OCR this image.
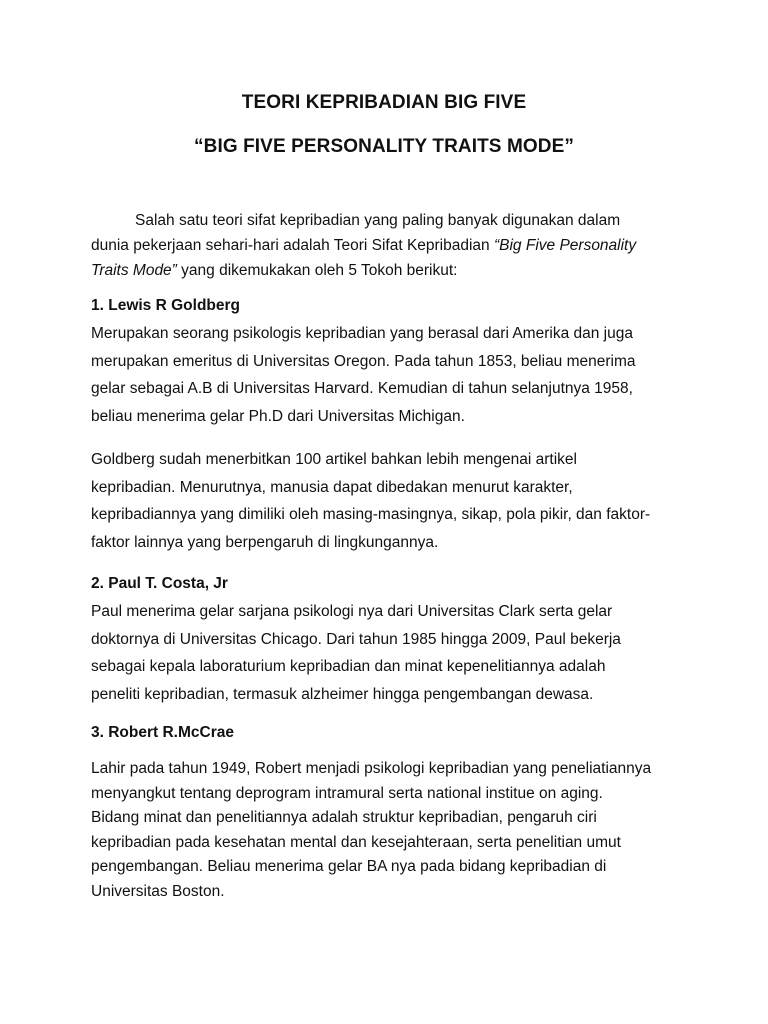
TEORI KEPRIBADIAN BIG FIVE
“BIG FIVE PERSONALITY TRAITS MODE”
Salah satu teori sifat kepribadian yang paling banyak digunakan dalam
dunia pekerjaan sehari-hari adalah Teori Sifat Kepribadian “Big Five Personality
Traits Mode” yang dikemukakan oleh 5 Tokoh berikut:
1. Lewis R Goldberg
Merupakan seorang psikologis kepribadian yang berasal dari Amerika dan juga
merupakan emeritus di Universitas Oregon. Pada tahun 1853, beliau menerima
gelar sebagai A.B di Universitas Harvard. Kemudian di tahun selanjutnya 1958,
beliau menerima gelar Ph.D dari Universitas Michigan.
Goldberg sudah menerbitkan 100 artikel bahkan lebih mengenai artikel
kepribadian. Menurutnya, manusia dapat dibedakan menurut karakter,
kepribadiannya yang dimiliki oleh masing-masingnya, sikap, pola pikir, dan faktor-
faktor lainnya yang berpengaruh di lingkungannya.
2. Paul T. Costa, Jr
Paul menerima gelar sarjana psikologi nya dari Universitas Clark serta gelar
doktornya di Universitas Chicago. Dari tahun 1985 hingga 2009, Paul bekerja
sebagai kepala laboraturium kepribadian dan minat kepenelitiannya adalah
peneliti kepribadian, termasuk alzheimer hingga pengembangan dewasa.
3. Robert R.McCrae
Lahir pada tahun 1949, Robert menjadi psikologi kepribadian yang peneliatiannya
menyangkut tentang deprogram intramural serta national institue on aging.
Bidang minat dan penelitiannya adalah struktur kepribadian, pengaruh ciri
kepribadian pada kesehatan mental dan kesejahteraan, serta penelitian umut
pengembangan. Beliau menerima gelar BA nya pada bidang kepribadian di
Universitas Boston.
